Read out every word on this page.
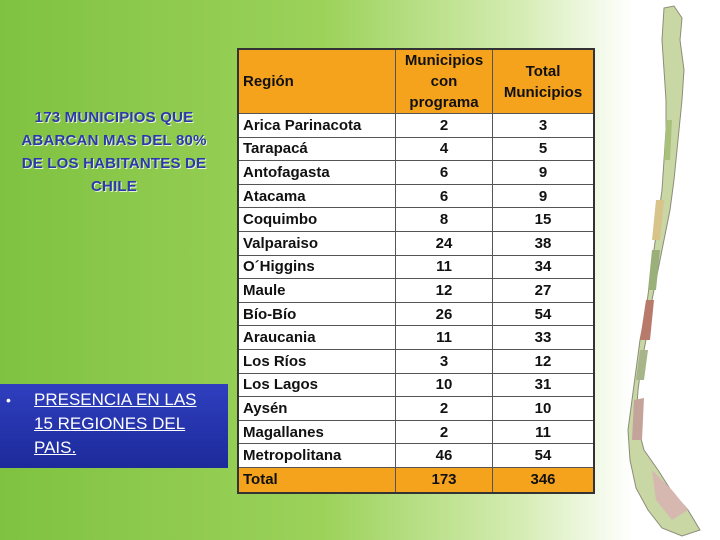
173 MUNICIPIOS QUE ABARCAN MAS DEL 80% DE LOS HABITANTES DE CHILE
• PRESENCIA EN LAS 15 REGIONES DEL PAIS.
Región	Municipios con programa	Total Municipios
Arica Parinacota	2	3
Tarapacá	4	5
Antofagasta	6	9
Atacama	6	9
Coquimbo	8	15
Valparaiso	24	38
O´Higgins	11	34
Maule	12	27
Bío-Bío	26	54
Araucania	11	33
Los Ríos	3	12
Los Lagos	10	31
Aysén	2	10
Magallanes	2	11
Metropolitana	46	54
Total	173	346
